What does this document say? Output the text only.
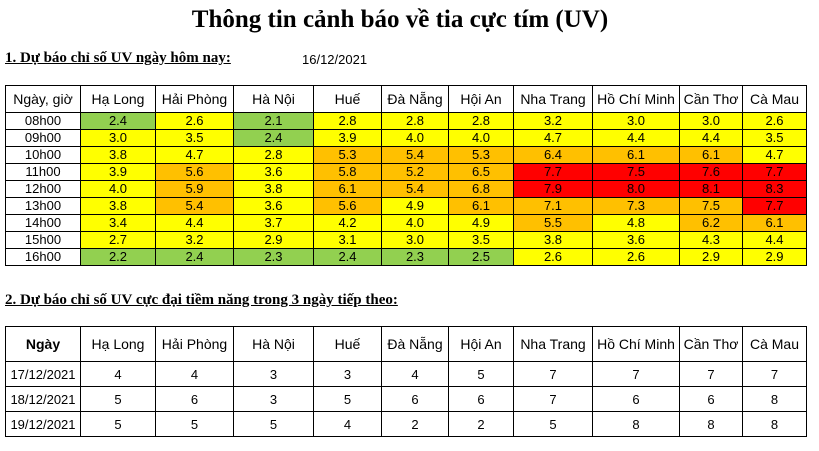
Thông tin cảnh báo về tia cực tím (UV)
1. Dự báo chỉ số UV ngày hôm nay:	16/12/2021
Ngày, giờ	Hạ Long	Hải Phòng	Hà Nội	Huế	Đà Nẵng	Hội An	Nha Trang	Hồ Chí Minh	Cần Thơ	Cà Mau
08h00	2.4	2.6	2.1	2.8	2.8	2.8	3.2	3.0	3.0	2.6
09h00	3.0	3.5	2.4	3.9	4.0	4.0	4.7	4.4	4.4	3.5
10h00	3.8	4.7	2.8	5.3	5.4	5.3	6.4	6.1	6.1	4.7
11h00	3.9	5.6	3.6	5.8	5.2	6.5	7.7	7.5	7.6	7.7
12h00	4.0	5.9	3.8	6.1	5.4	6.8	7.9	8.0	8.1	8.3
13h00	3.8	5.4	3.6	5.6	4.9	6.1	7.1	7.3	7.5	7.7
14h00	3.4	4.4	3.7	4.2	4.0	4.9	5.5	4.8	6.2	6.1
15h00	2.7	3.2	2.9	3.1	3.0	3.5	3.8	3.6	4.3	4.4
16h00	2.2	2.4	2.3	2.4	2.3	2.5	2.6	2.6	2.9	2.9
2. Dự báo chỉ số UV cực đại tiềm năng trong 3 ngày tiếp theo:
Ngày	Hạ Long	Hải Phòng	Hà Nội	Huế	Đà Nẵng	Hội An	Nha Trang	Hồ Chí Minh	Cần Thơ	Cà Mau
17/12/2021	4	4	3	3	4	5	7	7	7	7
18/12/2021	5	6	3	5	6	6	7	6	6	8
19/12/2021	5	5	5	4	2	2	5	8	8	8
